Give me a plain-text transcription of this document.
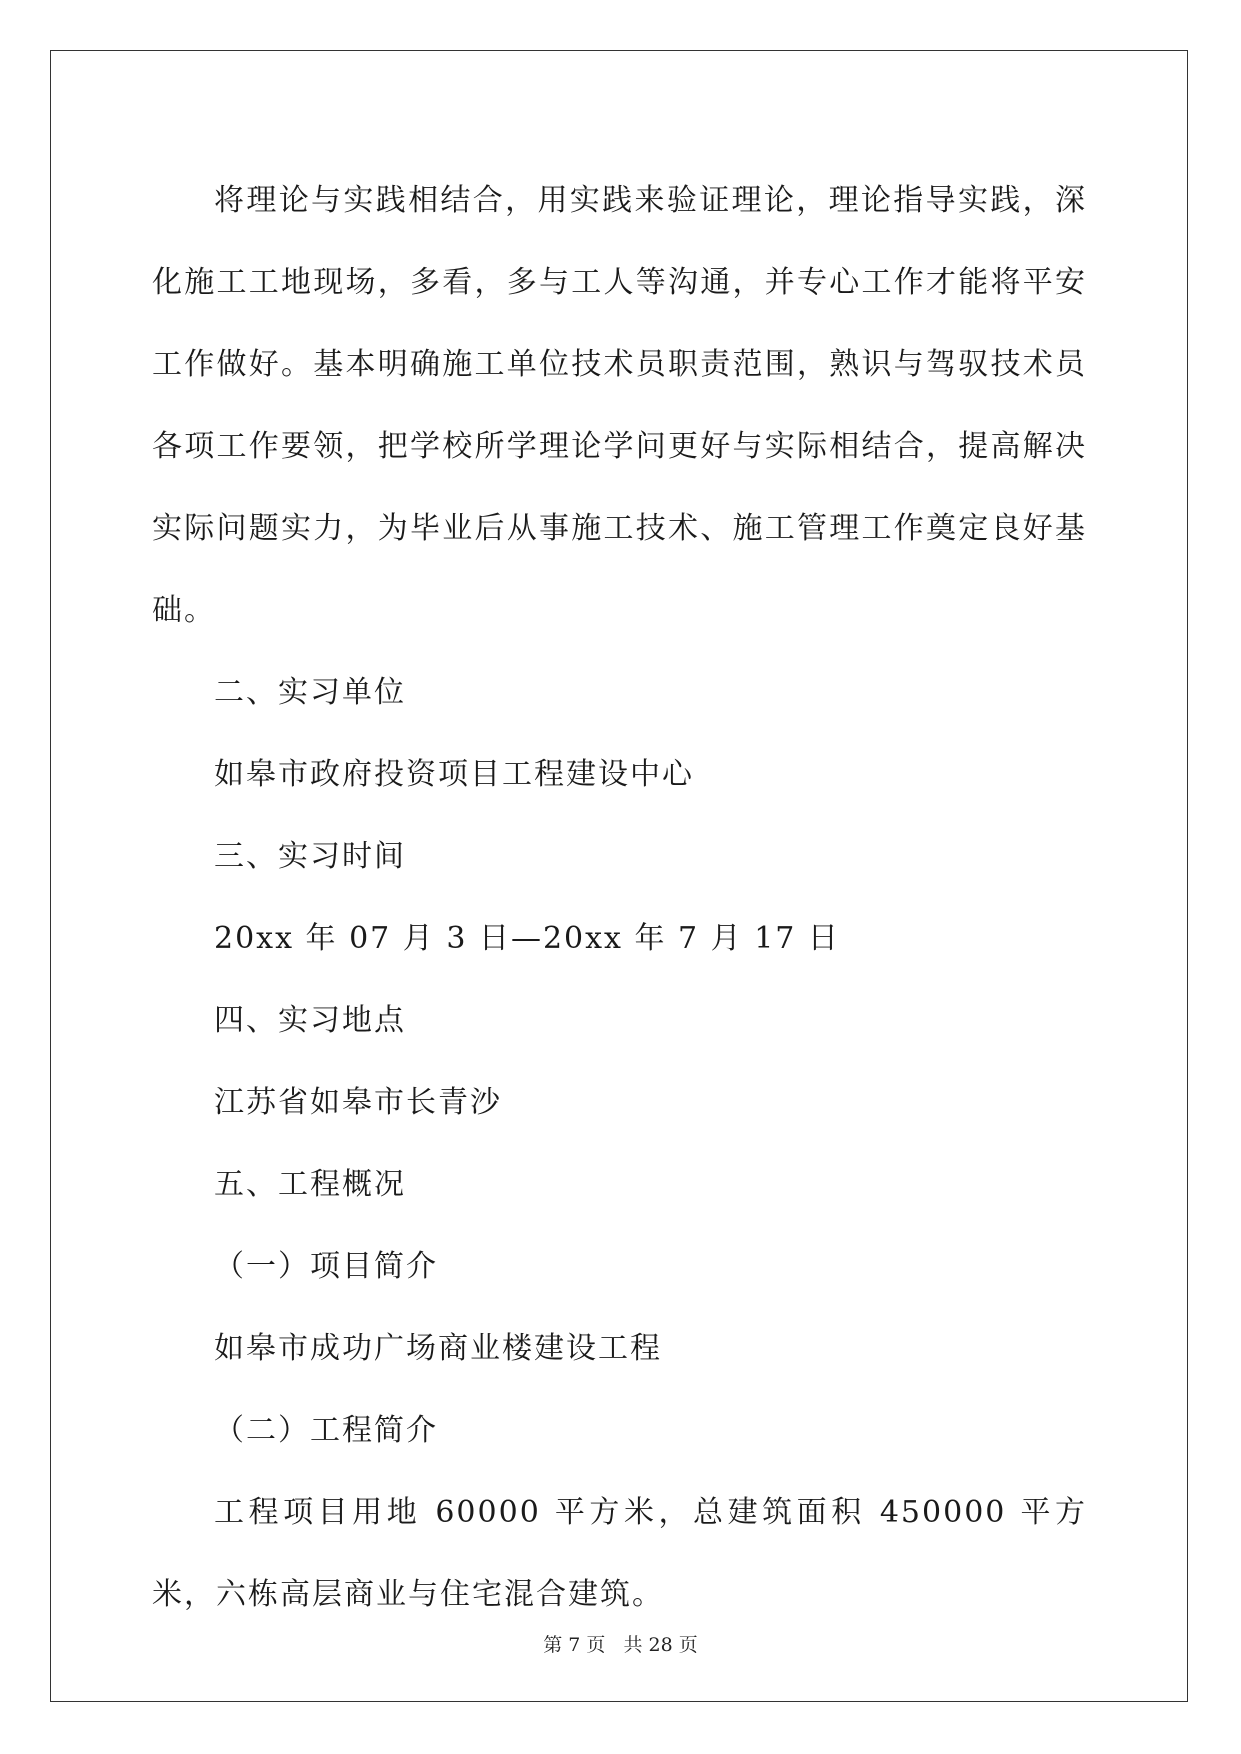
将理论与实践相结合，用实践来验证理论，理论指导实践，深化施工工地现场，多看，多与工人等沟通，并专心工作才能将平安工作做好。基本明确施工单位技术员职责范围，熟识与驾驭技术员各项工作要领，把学校所学理论学问更好与实际相结合，提高解决实际问题实力，为毕业后从事施工技术、施工管理工作奠定良好基础。

二、实习单位

如皋市政府投资项目工程建设中心

三、实习时间

20xx 年 07 月 3 日—20xx 年 7 月 17 日

四、实习地点

江苏省如皋市长青沙

五、工程概况

（一）项目简介

如皋市成功广场商业楼建设工程

（二）工程简介

工程项目用地 60000 平方米，总建筑面积 450000 平方米，六栋高层商业与住宅混合建筑。

第 7 页 共 28 页
